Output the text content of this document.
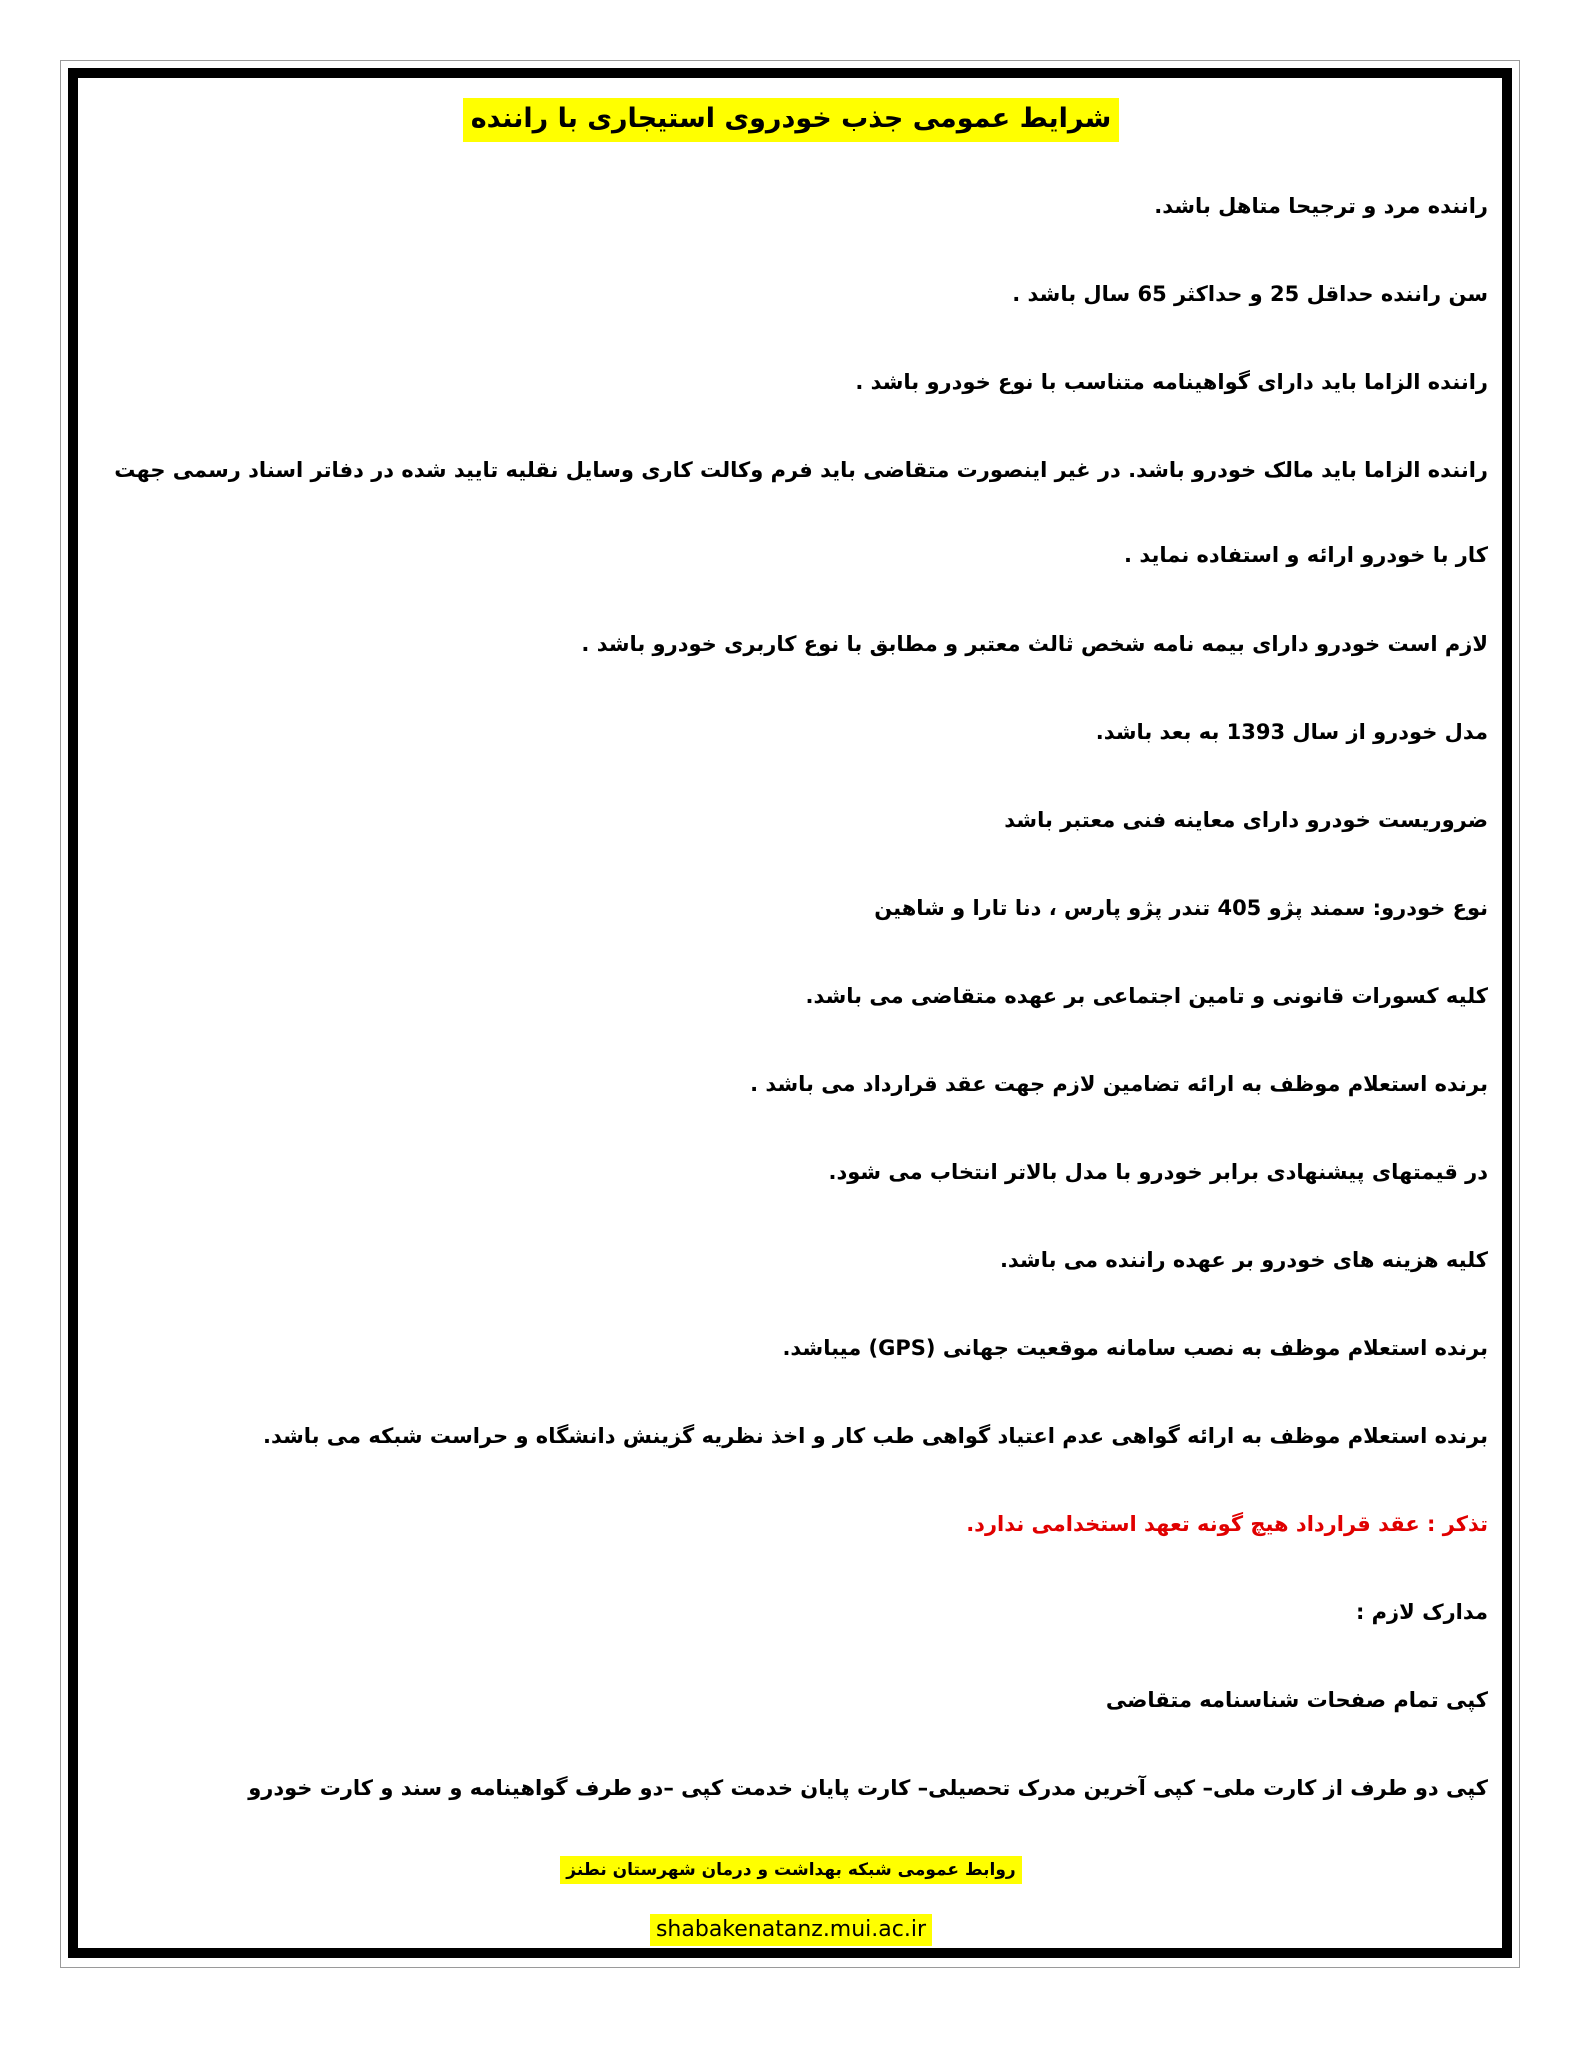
شرایط عمومی جذب خودروی استیجاری با راننده

راننده مرد و ترجیحا متاهل باشد.

سن راننده حداقل 25 و حداکثر 65 سال باشد .

راننده الزاما باید دارای گواهینامه متناسب با نوع خودرو باشد .

راننده الزاما باید مالک خودرو باشد. در غیر اینصورت متقاضی باید فرم وکالت کاری وسایل نقلیه تایید شده در دفاتر اسناد رسمی جهت کار با خودرو ارائه و استفاده نماید .

لازم است خودرو دارای بیمه نامه شخص ثالث معتبر و مطابق با نوع کاربری خودرو باشد .

مدل خودرو از سال 1393 به بعد باشد.

ضروریست خودرو دارای معاینه فنی معتبر باشد

نوع خودرو: سمند پژو 405 تندر پژو پارس ، دنا تارا و شاهین

کلیه کسورات قانونی و تامین اجتماعی بر عهده متقاضی می باشد.

برنده استعلام موظف به ارائه تضامین لازم جهت عقد قرارداد می باشد .

در قیمتهای پیشنهادی برابر خودرو با مدل بالاتر انتخاب می شود.

کلیه هزینه های خودرو بر عهده راننده می باشد.

برنده استعلام موظف به نصب سامانه موقعیت جهانی (GPS) میباشد.

برنده استعلام موظف به ارائه گواهی عدم اعتیاد گواهی طب کار و اخذ نظریه گزینش دانشگاه و حراست شبکه می باشد.

تذکر : عقد قرارداد هیچ گونه تعهد استخدامی ندارد.

مدارک لازم :

کپی تمام صفحات شناسنامه متقاضی

کپی دو طرف از کارت ملی– کپی آخرین مدرک تحصیلی– کارت پایان خدمت کپی –دو طرف گواهینامه و سند و کارت خودرو

روابط عمومی شبکه بهداشت و درمان شهرستان نطنز
shabakenatanz.mui.ac.ir
